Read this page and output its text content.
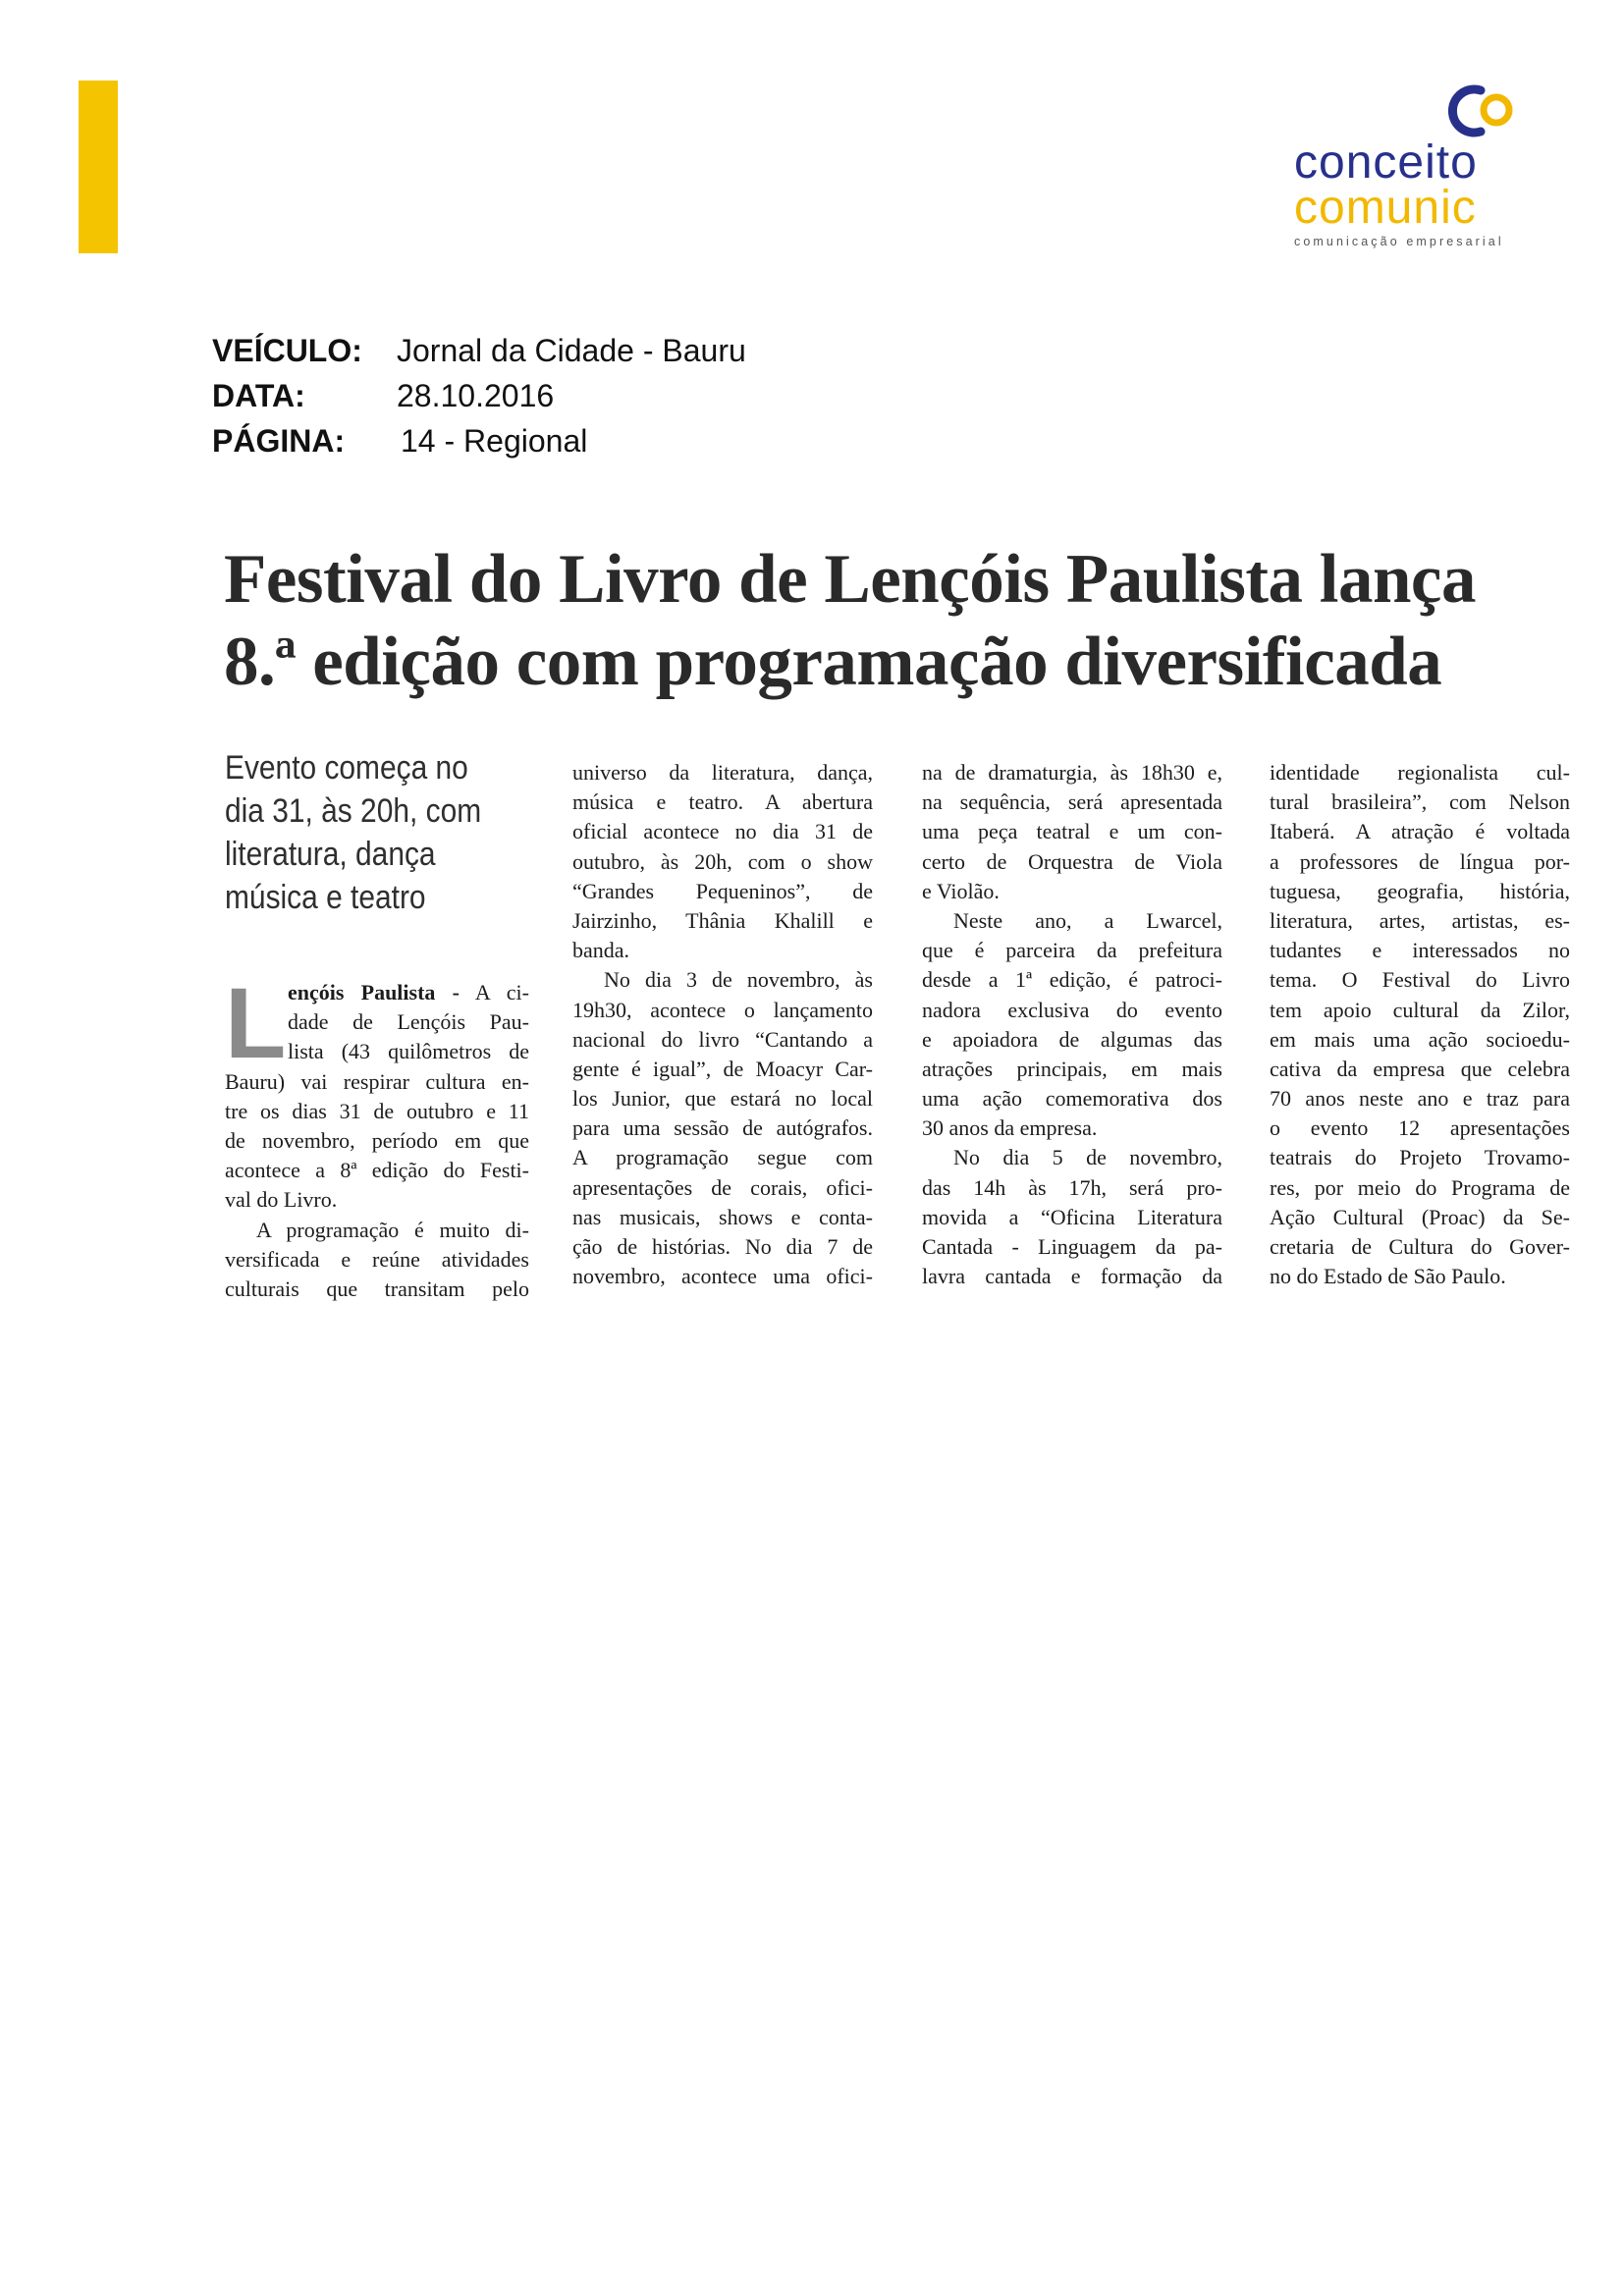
conceito
comunic
comunicação empresarial
VEÍCULO:	Jornal da Cidade - Bauru
DATA:	28.10.2016
PÁGINA:	14 - Regional
Festival do Livro de Lençóis Paulista lança
8.ª edição com programação diversificada
Evento começa no
dia 31, às 20h, com
literatura, dança
música e teatro
L ençóis Paulista - A ci-
dade de Lençóis Pau-
lista (43 quilômetros de
Bauru) vai respirar cultura en-
tre os dias 31 de outubro e 11
de novembro, período em que
acontece a 8ª edição do Festi-
val do Livro.
A programação é muito di-
versificada e reúne atividades
culturais que transitam pelo
universo da literatura, dança,
música e teatro. A abertura
oficial acontece no dia 31 de
outubro, às 20h, com o show
“Grandes Pequeninos”, de
Jairzinho, Thânia Khalill e
banda.
No dia 3 de novembro, às
19h30, acontece o lançamento
nacional do livro “Cantando a
gente é igual”, de Moacyr Car-
los Junior, que estará no local
para uma sessão de autógrafos.
A programação segue com
apresentações de corais, ofici-
nas musicais, shows e conta-
ção de histórias. No dia 7 de
novembro, acontece uma ofici-
na de dramaturgia, às 18h30 e,
na sequência, será apresentada
uma peça teatral e um con-
certo de Orquestra de Viola
e Violão.
Neste ano, a Lwarcel,
que é parceira da prefeitura
desde a 1ª edição, é patroci-
nadora exclusiva do evento
e apoiadora de algumas das
atrações principais, em mais
uma ação comemorativa dos
30 anos da empresa.
No dia 5 de novembro,
das 14h às 17h, será pro-
movida a “Oficina Literatura
Cantada - Linguagem da pa-
lavra cantada e formação da
identidade regionalista cul-
tural brasileira”, com Nelson
Itaberá. A atração é voltada
a professores de língua por-
tuguesa, geografia, história,
literatura, artes, artistas, es-
tudantes e interessados no
tema. O Festival do Livro
tem apoio cultural da Zilor,
em mais uma ação socioedu-
cativa da empresa que celebra
70 anos neste ano e traz para
o evento 12 apresentações
teatrais do Projeto Trovamo-
res, por meio do Programa de
Ação Cultural (Proac) da Se-
cretaria de Cultura do Gover-
no do Estado de São Paulo.
